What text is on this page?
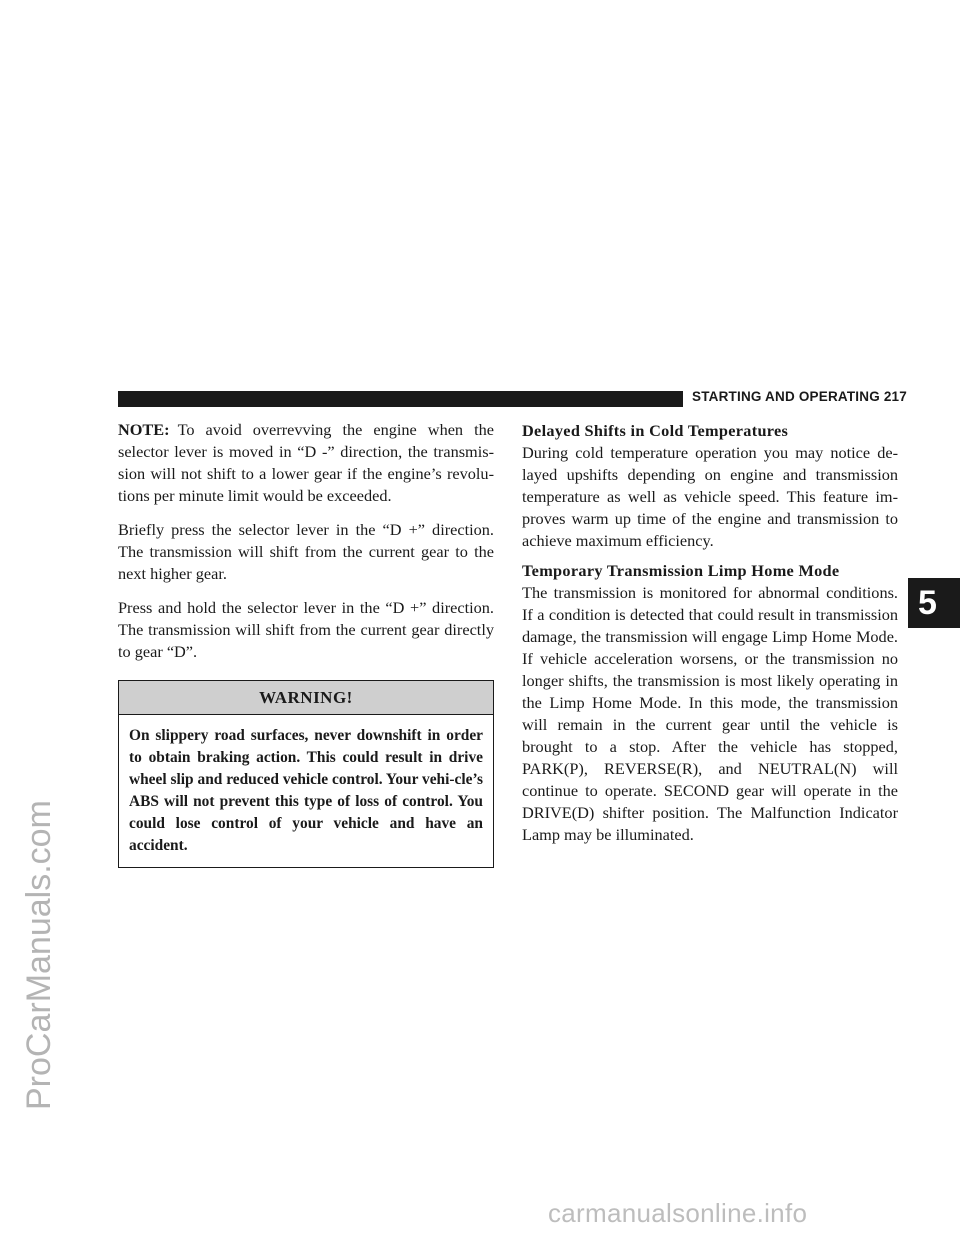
ProCarManuals.com
STARTING AND OPERATING 217
5

NOTE: To avoid overrevving the engine when the selector lever is moved in “D -” direction, the transmis-sion will not shift to a lower gear if the engine’s revolu-tions per minute limit would be exceeded.

Briefly press the selector lever in the “D +” direction. The transmission will shift from the current gear to the next higher gear.

Press and hold the selector lever in the “D +” direction. The transmission will shift from the current gear directly to gear “D”.

WARNING!
On slippery road surfaces, never downshift in order to obtain braking action. This could result in drive wheel slip and reduced vehicle control. Your vehi-cle’s ABS will not prevent this type of loss of control. You could lose control of your vehicle and have an accident.
Delayed Shifts in Cold Temperatures

During cold temperature operation you may notice de-layed upshifts depending on engine and transmission temperature as well as vehicle speed. This feature im-proves warm up time of the engine and transmission to achieve maximum efficiency.

Temporary Transmission Limp Home Mode

The transmission is monitored for abnormal conditions. If a condition is detected that could result in transmission damage, the transmission will engage Limp Home Mode. If vehicle acceleration worsens, or the transmission no longer shifts, the transmission is most likely operating in the Limp Home Mode. In this mode, the transmission will remain in the current gear until the vehicle is brought to a stop. After the vehicle has stopped, PARK(P), REVERSE(R), and NEUTRAL(N) will continue to operate. SECOND gear will operate in the DRIVE(D) shifter position. The Malfunction Indicator Lamp may be illuminated.

carmanualsonline.info
